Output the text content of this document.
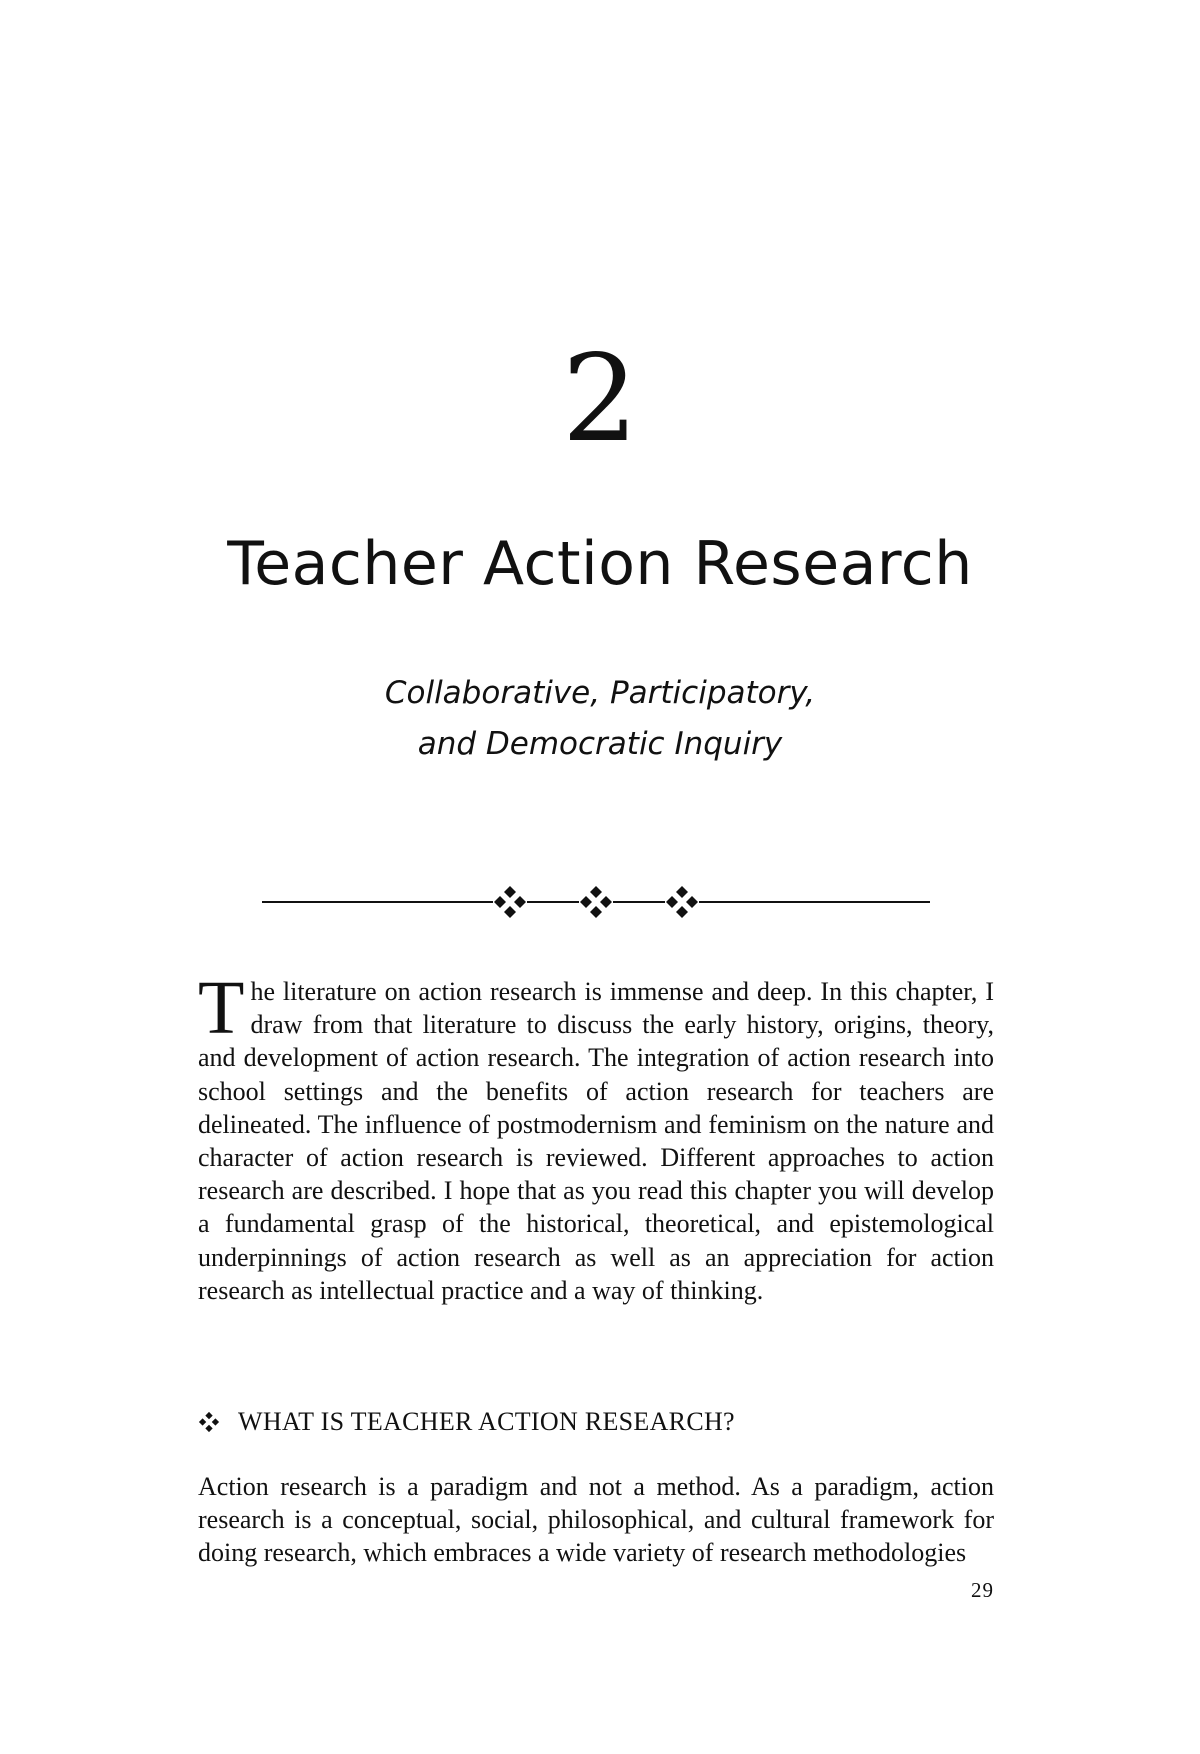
2
Teacher Action Research
Collaborative, Participatory,
and Democratic Inquiry

The literature on action research is immense and deep. In this chapter, I draw from that literature to discuss the early history, origins, theory, and development of action research. The integration of action research into school settings and the benefits of action research for teachers are delineated. The influence of postmodernism and feminism on the nature and character of action research is reviewed. Different approaches to action research are described. I hope that as you read this chapter you will develop a fundamental grasp of the historical, theoretical, and epistemological underpinnings of action research as well as an appreciation for action research as intellectual practice and a way of thinking.

WHAT IS TEACHER ACTION RESEARCH?

Action research is a paradigm and not a method. As a paradigm, action research is a conceptual, social, philosophical, and cultural framework for doing research, which embraces a wide variety of research methodologies

29
